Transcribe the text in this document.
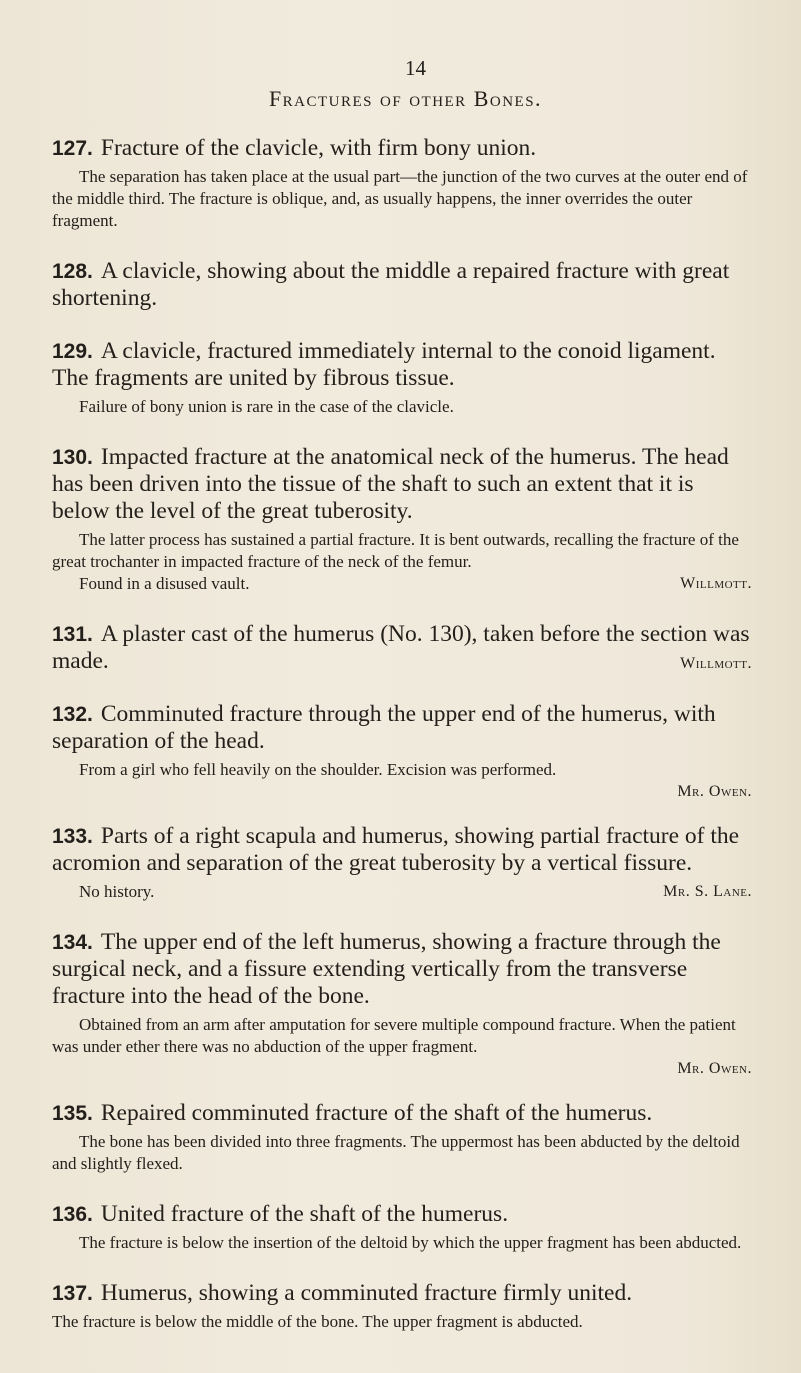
14
Fractures of other Bones.

127. Fracture of the clavicle, with firm bony union.

The separation has taken place at the usual part—the junction of the two curves at the outer end of the middle third. The fracture is oblique, and, as usually happens, the inner overrides the outer fragment.

128. A clavicle, showing about the middle a repaired fracture with great shortening.

129. A clavicle, fractured immediately internal to the conoid ligament. The fragments are united by fibrous tissue.

Failure of bony union is rare in the case of the clavicle.

130. Impacted fracture at the anatomical neck of the humerus. The head has been driven into the tissue of the shaft to such an extent that it is below the level of the great tuberosity.

The latter process has sustained a partial fracture. It is bent outwards, recalling the fracture of the great trochanter in impacted fracture of the neck of the femur.

Willmott.
Found in a disused vault.

131. A plaster cast of the humerus (No. 130), taken before the section was made.	Willmott.

132. Comminuted fracture through the upper end of the humerus, with separation of the head.

From a girl who fell heavily on the shoulder. Excision was performed.

Mr. Owen.

133. Parts of a right scapula and humerus, showing partial fracture of the acromion and separation of the great tuberosity by a vertical fissure.

Mr. S. Lane.
No history.

134. The upper end of the left humerus, showing a fracture through the surgical neck, and a fissure extending vertically from the transverse fracture into the head of the bone.

Obtained from an arm after amputation for severe multiple compound fracture. When the patient was under ether there was no abduction of the upper fragment.

Mr. Owen.

135. Repaired comminuted fracture of the shaft of the humerus.

The bone has been divided into three fragments. The uppermost has been abducted by the deltoid and slightly flexed.

136. United fracture of the shaft of the humerus.

The fracture is below the insertion of the deltoid by which the upper fragment has been abducted.

137. Humerus, showing a comminuted fracture firmly united.

The fracture is below the middle of the bone. The upper fragment is abducted.
